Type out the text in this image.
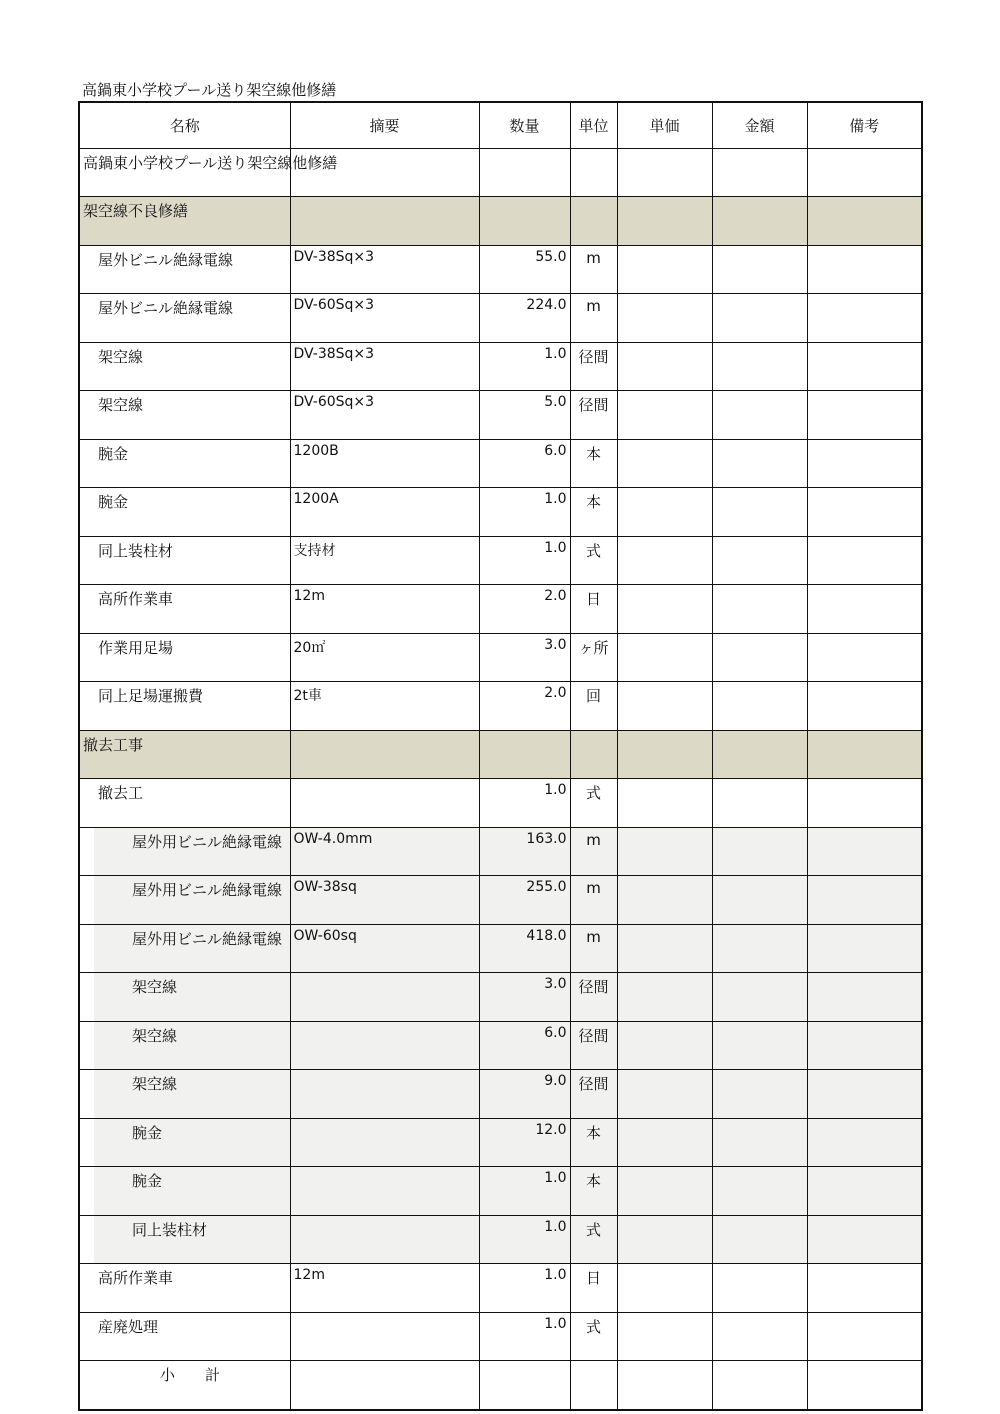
高鍋東小学校プール送り架空線他修繕
名称	摘要	数量	単位	単価	金額	備考
高鍋東小学校プール送り架空線他修繕						
架空線不良修繕						
屋外ビニル絶縁電線	DV-38Sq×3	55.0	m			
屋外ビニル絶縁電線	DV-60Sq×3	224.0	m			
架空線	DV-38Sq×3	1.0	径間			
架空線	DV-60Sq×3	5.0	径間			
腕金	1200B	6.0	本			
腕金	1200A	1.0	本			
同上装柱材	支持材	1.0	式			
高所作業車	12m	2.0	日			
作業用足場	20㎡	3.0	ヶ所			
同上足場運搬費	2t車	2.0	回			
撤去工事						
撤去工		1.0	式			
屋外用ビニル絶縁電線	OW-4.0mm	163.0	m			
屋外用ビニル絶縁電線	OW-38sq	255.0	m			
屋外用ビニル絶縁電線	OW-60sq	418.0	m			
架空線		3.0	径間			
架空線		6.0	径間			
架空線		9.0	径間			
腕金		12.0	本			
腕金		1.0	本			
同上装柱材		1.0	式			
高所作業車	12m	1.0	日			
産廃処理		1.0	式			
小　　計						
